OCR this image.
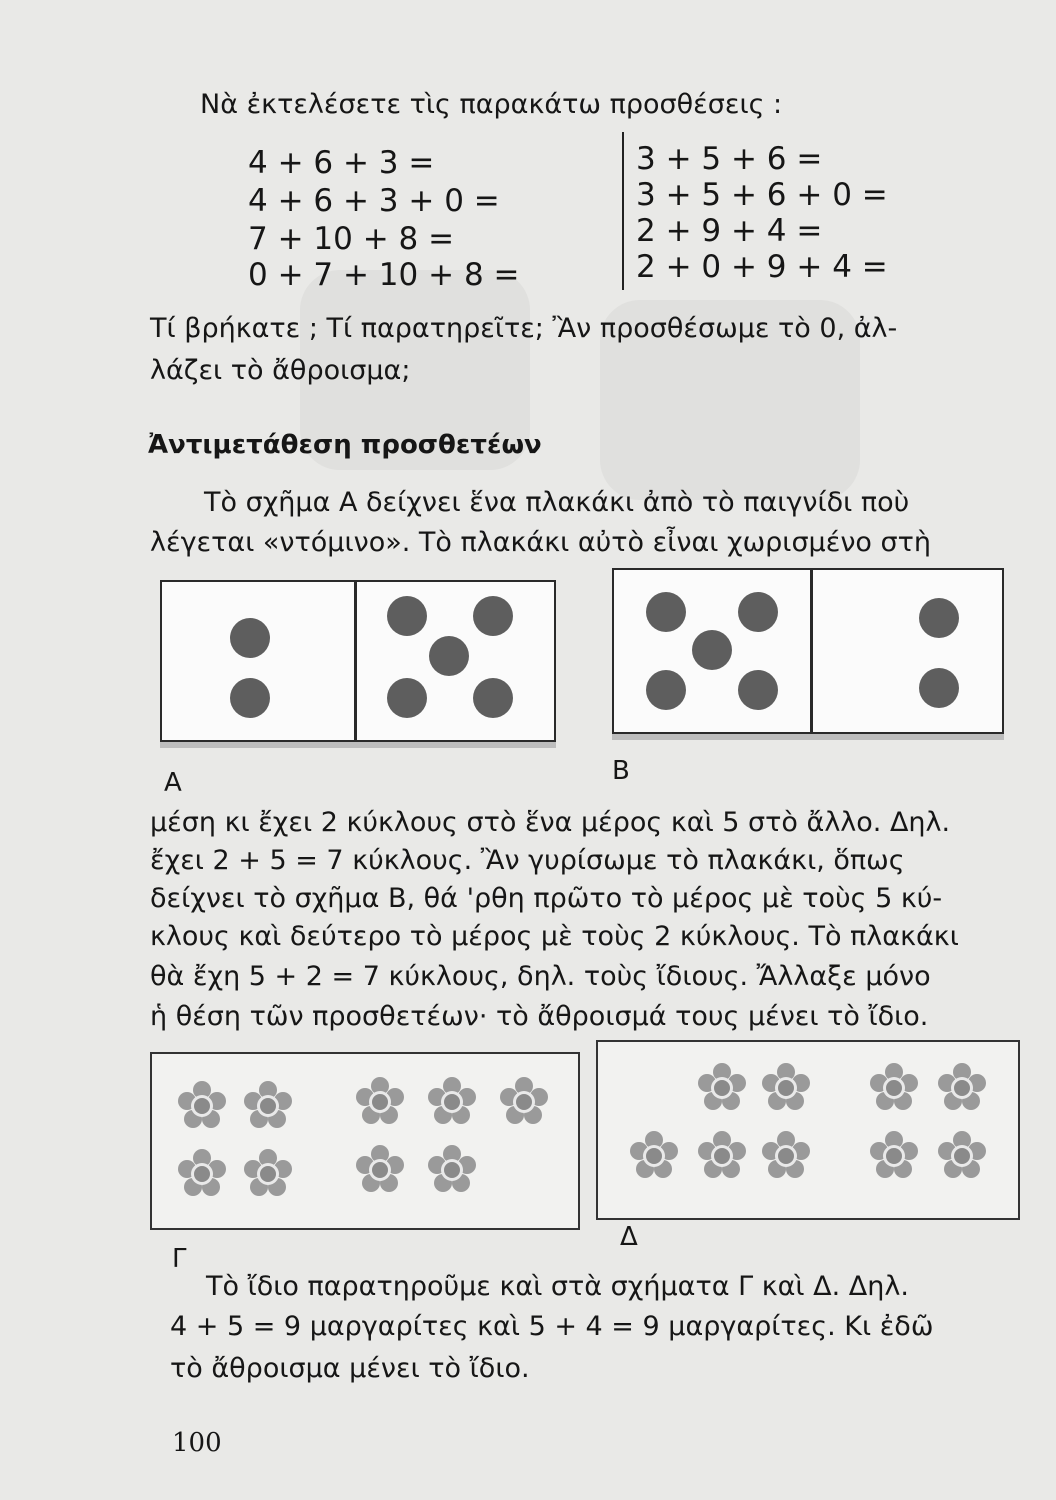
Νὰ ἐκτελέσετε τὶς παρακάτω προσθέσεις :
4 + 6 + 3 =
4 + 6 + 3 + 0 =
7 + 10 + 8 =
0 + 7 + 10 + 8 =
3 + 5 + 6 =
3 + 5 + 6 + 0 =
2 + 9 + 4 =
2 + 0 + 9 + 4 =
Τί βρήκατε ; Τί παρατηρεῖτε; Ἂν προσθέσωμε τὸ 0, ἀλ-
λάζει τὸ ἄθροισμα;
Ἀντιμετάθεση προσθετέων
Τὸ σχῆμα Α δείχνει ἕνα πλακάκι ἀπὸ τὸ παιγνίδι ποὺ
λέγεται «ντόμινο». Τὸ πλακάκι αὐτὸ εἶναι χωρισμένο στὴ
Α	Β
μέση κι ἔχει 2 κύκλους στὸ ἕνα μέρος καὶ 5 στὸ ἄλλο. Δηλ.
ἔχει 2 + 5 = 7 κύκλους. Ἂν γυρίσωμε τὸ πλακάκι, ὅπως
δείχνει τὸ σχῆμα Β, θά 'ρθη πρῶτο τὸ μέρος μὲ τοὺς 5 κύ-
κλους καὶ δεύτερο τὸ μέρος μὲ τοὺς 2 κύκλους. Τὸ πλακάκι
θὰ ἔχη 5 + 2 = 7 κύκλους, δηλ. τοὺς ἴδιους. Ἄλλαξε μόνο
ἡ θέση τῶν προσθετέων· τὸ ἄθροισμά τους μένει τὸ ἴδιο.
Γ
Δ
Τὸ ἴδιο παρατηροῦμε καὶ στὰ σχήματα Γ καὶ Δ. Δηλ.
4 + 5 = 9 μαργαρίτες καὶ 5 + 4 = 9 μαργαρίτες. Κι ἐδῶ
τὸ ἄθροισμα μένει τὸ ἴδιο.
100
